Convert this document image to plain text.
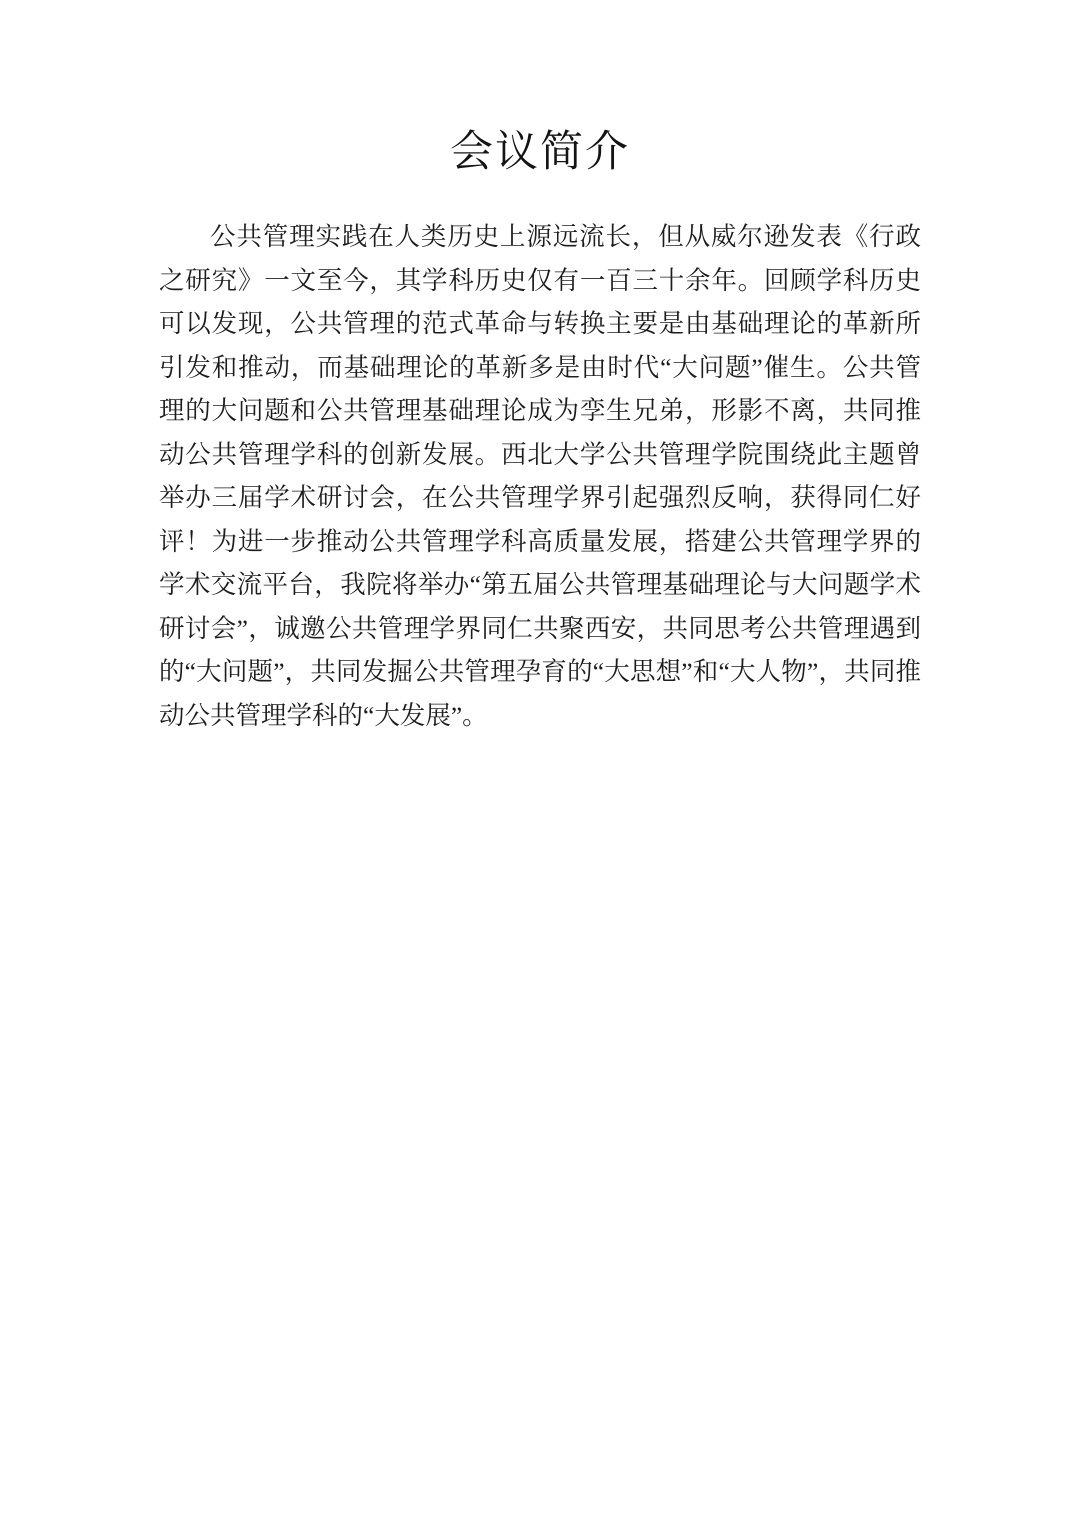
会议简介

公共管理实践在人类历史上源远流长，但从威尔逊发表《行政之研究》一文至今，其学科历史仅有一百三十余年。回顾学科历史可以发现，公共管理的范式革命与转换主要是由基础理论的革新所引发和推动，而基础理论的革新多是由时代“大问题”催生。公共管理的大问题和公共管理基础理论成为孪生兄弟，形影不离，共同推动公共管理学科的创新发展。西北大学公共管理学院围绕此主题曾举办三届学术研讨会，在公共管理学界引起强烈反响，获得同仁好评！为进一步推动公共管理学科高质量发展，搭建公共管理学界的学术交流平台，我院将举办“第五届公共管理基础理论与大问题学术研讨会”，诚邀公共管理学界同仁共聚西安，共同思考公共管理遇到的“大问题”，共同发掘公共管理孕育的“大思想”和“大人物”，共同推动公共管理学科的“大发展”。
